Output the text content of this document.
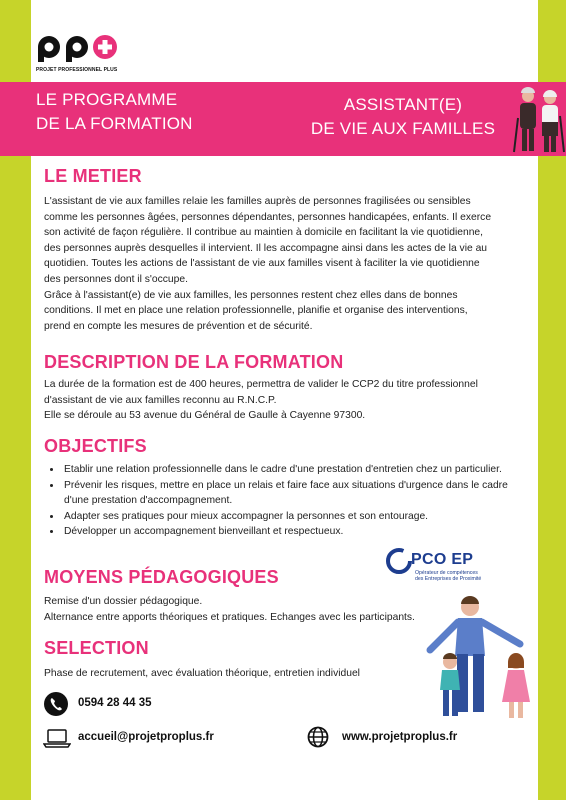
PROJET PROFESSIONNEL PLUS
LE PROGRAMME
DE LA FORMATION
ASSISTANT(E)
DE VIE AUX FAMILLES
LE METIER
L'assistant de vie aux familles relaie les familles auprès de personnes fragilisées ou sensibles
comme les personnes âgées, personnes dépendantes, personnes handicapées, enfants. Il exerce
son activité de façon régulière. Il contribue au maintien à domicile en facilitant la vie quotidienne,
des personnes auprès desquelles il intervient. Il les accompagne ainsi dans les actes de la vie au
quotidien. Toutes les actions de l'assistant de vie aux familles visent à faciliter la vie quotidienne
des personnes dont il s'occupe.
Grâce à l'assistant(e) de vie aux familles, les personnes restent chez elles dans de bonnes
conditions. Il met en place une relation professionnelle, planifie et organise des interventions,
prend en compte les mesures de prévention et de sécurité.
DESCRIPTION DE LA FORMATION
La durée de la formation est de 400 heures, permettra de valider le CCP2 du titre professionnel
d'assistant de vie aux familles reconnu au R.N.C.P.
Elle se déroule au 53 avenue du Général de Gaulle à Cayenne 97300.
OBJECTIFS
• Etablir une relation professionnelle dans le cadre d'une prestation d'entretien chez un particulier.
• Prévenir les risques, mettre en place un relais et faire face aux situations d'urgence dans le cadre d'une prestation d'accompagnement.
• Adapter ses pratiques pour mieux accompagner la personnes et son entourage.
• Développer un accompagnement bienveillant et respectueux.
PCO EP
Opérateur de compétences
des Entreprises de Proximité
MOYENS PÉDAGOGIQUES
Remise d'un dossier pédagogique.
Alternance entre apports théoriques et pratiques. Echanges avec les participants.
SELECTION
Phase de recrutement, avec évaluation théorique, entretien individuel
0594 28 44 35
accueil@projetproplus.fr	www.projetproplus.fr
